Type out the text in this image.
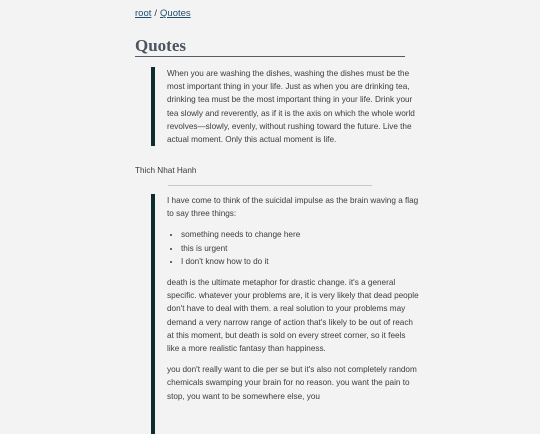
root / Quotes
Quotes

When you are washing the dishes, washing the dishes must be the most important thing in your life. Just as when you are drinking tea, drinking tea must be the most important thing in your life. Drink your tea slowly and reverently, as if it is the axis on which the whole world revolves—slowly, evenly, without rushing toward the future. Live the actual moment. Only this actual moment is life.

Thich Nhat Hanh

I have come to think of the suicidal impulse as the brain waving a flag to say three things:

• something needs to change here
• this is urgent
• I don't know how to do it

death is the ultimate metaphor for drastic change. it's a general specific. whatever your problems are, it is very likely that dead people don't have to deal with them. a real solution to your problems may demand a very narrow range of action that's likely to be out of reach at this moment, but death is sold on every street corner, so it feels like a more realistic fantasy than happiness.

you don't really want to die per se but it's also not completely random chemicals swamping your brain for no reason. you want the pain to stop, you want to be somewhere else, you
